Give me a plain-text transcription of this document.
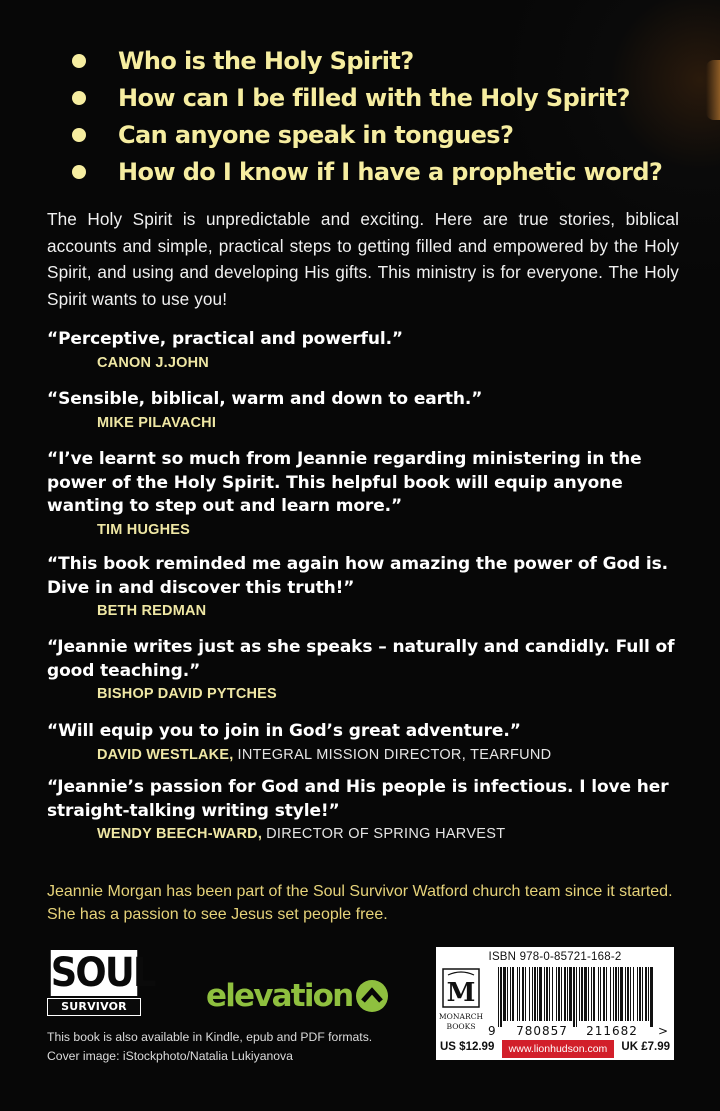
Who is the Holy Spirit?
How can I be filled with the Holy Spirit?
Can anyone speak in tongues?
How do I know if I have a prophetic word?

The Holy Spirit is unpredictable and exciting. Here are true stories, biblical accounts and simple, practical steps to getting filled and empowered by the Holy Spirit, and using and developing His gifts. This ministry is for everyone. The Holy Spirit wants to use you!

“Perceptive, practical and powerful.”

CANON J.JOHN

“Sensible, biblical, warm and down to earth.”

MIKE PILAVACHI

“I’ve learnt so much from Jeannie regarding ministering in the power of the Holy Spirit. This helpful book will equip anyone wanting to step out and learn more.”

TIM HUGHES

“This book reminded me again how amazing the power of God is. Dive in and discover this truth!”

BETH REDMAN

“Jeannie writes just as she speaks – naturally and candidly. Full of good teaching.”

BISHOP DAVID PYTCHES

“Will equip you to join in God’s great adventure.”

DAVID WESTLAKE, INTEGRAL MISSION DIRECTOR, TEARFUND

“Jeannie’s passion for God and His people is infectious. I love her straight-talking writing style!”

WENDY BEECH-WARD, DIRECTOR OF SPRING HARVEST

Jeannie Morgan has been part of the Soul Survivor Watford church team since it started. She has a passion to see Jesus set people free.

SOUL
SURVIVOR	elevation

This book is also available in Kindle, epub and PDF formats.
Cover image: iStockphoto/Natalia Lukiyanova

ISBN 978-0-85721-168-2
M
MONARCH
BOOKS 9 780857 211682 >
US $12.99	www.lionhudson.com	UK £7.99
